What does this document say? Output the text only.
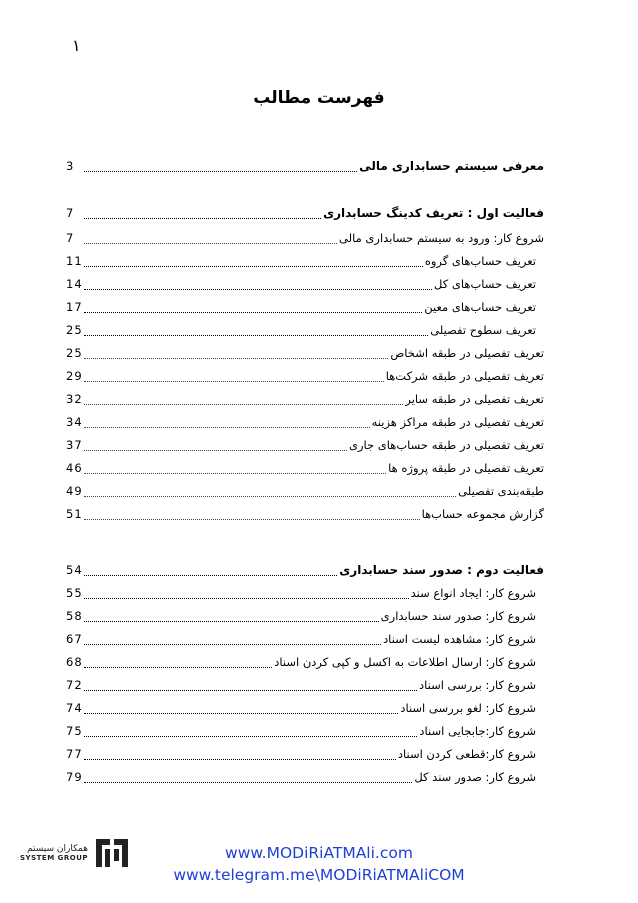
١
فهرست مطالب
معرفی سیستم حسابداری مالی
3
فعالیت اول : تعریف کدینگ حسابداری
7
شروع کار: ورود به سیستم حسابداری مالی
7
تعریف حساب‌های گروه
11
تعریف حساب‌های کل
14
تعریف حساب‌های معین
17
تعریف سطوح تفصیلی
25
تعریف تفصیلی در طبقه اشخاص
25
تعریف تفصیلی در طبقه شرکت‌ها
29
تعریف تفصیلی در طبقه سایر
32
تعریف تفصیلی در طبقه مراکز هزینه
34
تعریف تفصیلی در طبقه حساب‌های جاری
37
تعریف تفصیلی در طبقه پروژه ها
46
طبقه‌بندی تفصیلی
49
گزارش مجموعه حساب‌ها
51
فعالیت دوم : صدور سند حسابداری
54
شروع کار: ایجاد انواع سند
55
شروع کار: صدور سند حسابداری
58
شروع کار: مشاهده لیست اسناد
67
شروع کار: ارسال اطلاعات به اکسل و کپی کردن اسناد
68
شروع کار: بررسی اسناد
72
شروع کار: لغو بررسی اسناد
74
شروع کار:جابجایی اسناد
75
شروع کار:قطعی کردن اسناد
77
شروع کار: صدور سند کل
79
همکاران سیستم
SYSTEM GROUP	www.MODiRiATMAli.com
www.telegram.me\MODiRiATMAliCOM
